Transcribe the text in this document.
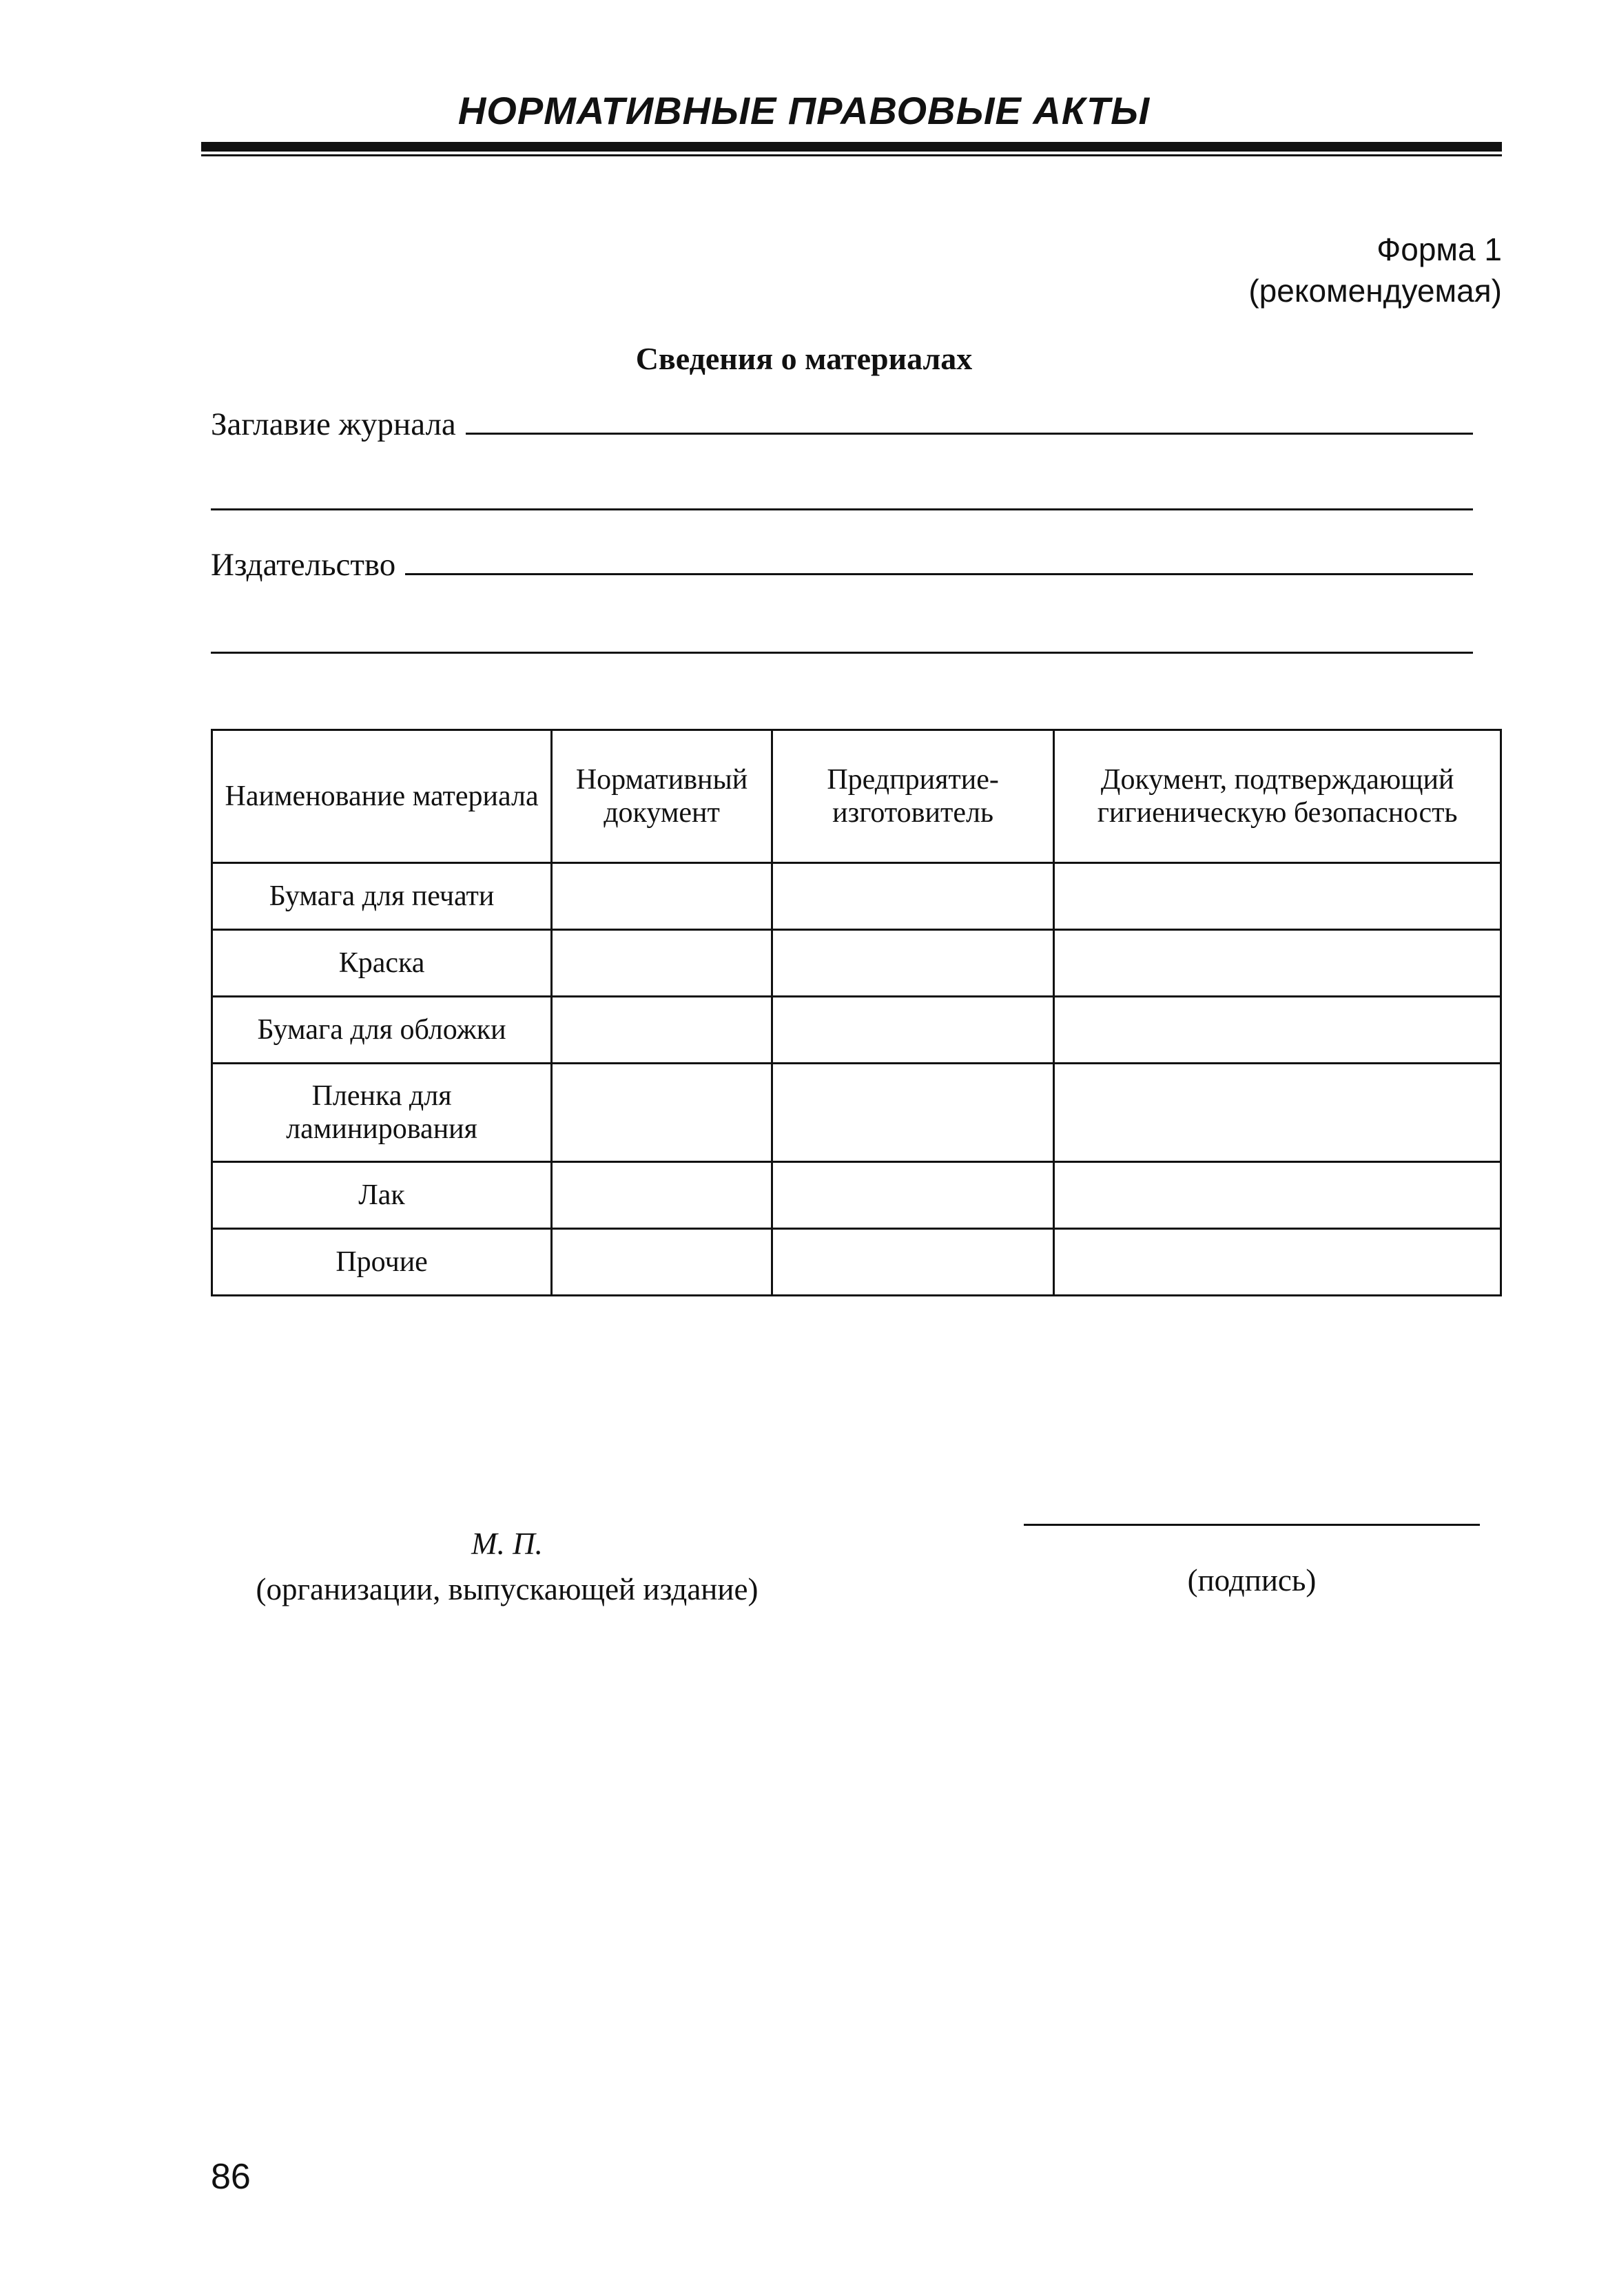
НОРМАТИВНЫЕ ПРАВОВЫЕ АКТЫ
Форма 1
(рекомендуемая)
Сведения о материалах
Заглавие журнала
Издательство
Наименование материала	Нормативный документ	Предприятие-изготовитель	Документ, подтверждающий гигиеническую безопасность
Бумага для печати			
Краска			
Бумага для обложки			
Пленка для ламинирования			
Лак			
Прочие			
М. П.
(организации, выпускающей издание)	(подпись)
86
